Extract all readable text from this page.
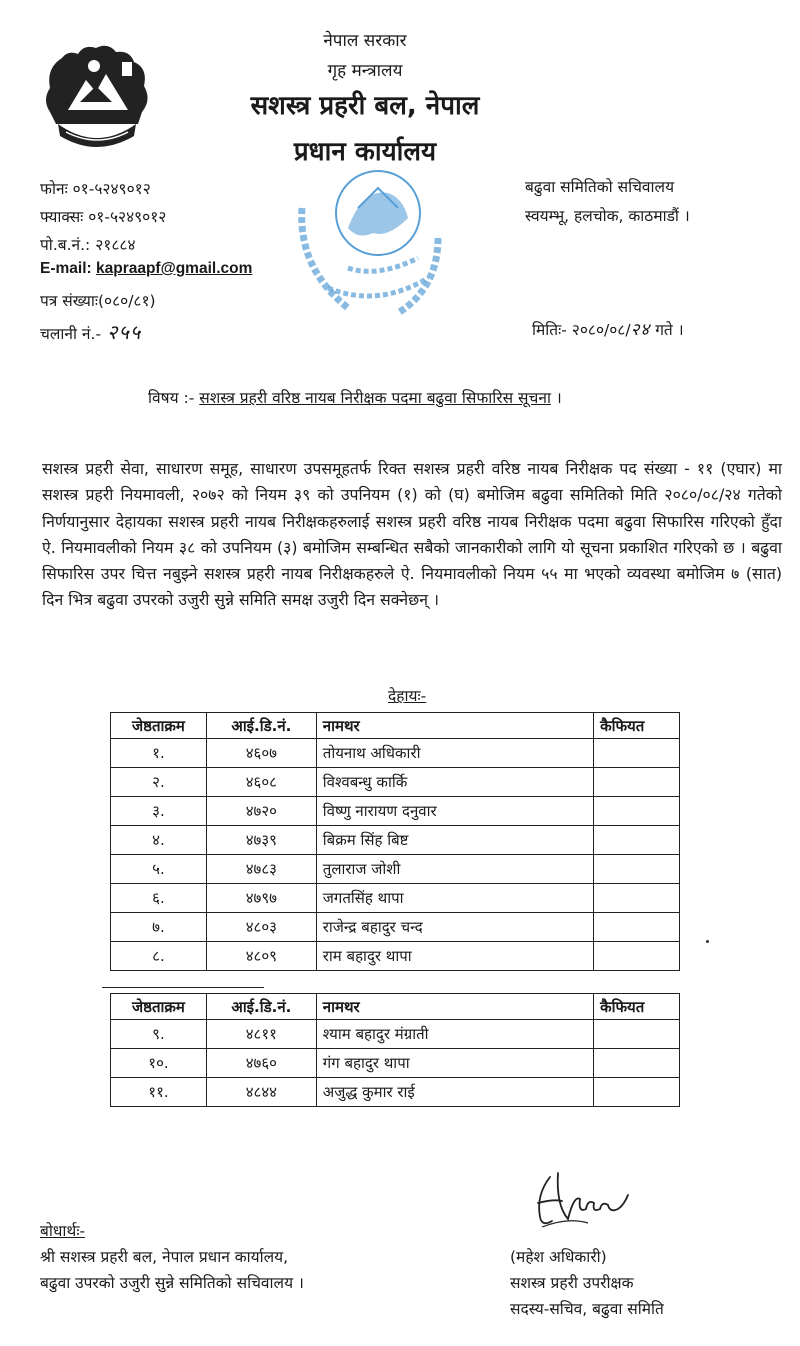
नेपाल सरकार
गृह मन्त्रालय
सशस्त्र प्रहरी बल, नेपाल
प्रधान कार्यालय
फोनः ०१-५२४९०१२
फ्याक्सः ०१-५२४९०१२
पो.ब.नं.: २१८८४
E-mail: kapraapf@gmail.com
पत्र संख्याः(०८०/८१)
चलानी नं.- २५५
बढुवा समितिको सचिवालय
स्वयम्भू, हलचोक, काठमाडौं ।
मितिः- २०८०/०८/२४ गते ।
विषय :- सशस्त्र प्रहरी वरिष्ठ नायब निरीक्षक पदमा बढुवा सिफारिस सूचना ।
सशस्त्र प्रहरी सेवा, साधारण समूह, साधारण उपसमूहतर्फ रिक्त सशस्त्र प्रहरी वरिष्ठ नायब निरीक्षक पद संख्या - ११ (एघार) मा सशस्त्र प्रहरी नियमावली, २०७२ को नियम ३९ को उपनियम (१) को (घ) बमोजिम बढुवा समितिको मिति २०८०/०८/२४ गतेको निर्णयानुसार देहायका सशस्त्र प्रहरी नायब निरीक्षकहरुलाई सशस्त्र प्रहरी वरिष्ठ नायब निरीक्षक पदमा बढुवा सिफारिस गरिएको हुँदा ऐ. नियमावलीको नियम ३८ को उपनियम (३) बमोजिम सम्बन्धित सबैको जानकारीको लागि यो सूचना प्रकाशित गरिएको छ । बढुवा सिफारिस उपर चित्त नबुझ्ने सशस्त्र प्रहरी नायब निरीक्षकहरुले ऐ. नियमावलीको नियम ५५ मा भएको व्यवस्था बमोजिम ७ (सात) दिन भित्र बढुवा उपरको उजुरी सुन्ने समिति समक्ष उजुरी दिन सक्नेछन् ।
देहायः-
जेष्ठताक्रम	आई.डि.नं.	नामथर	कैफियत
१.	४६०७	तोयनाथ अधिकारी	
२.	४६०८	विश्वबन्धु कार्कि	
३.	४७२०	विष्णु नारायण दनुवार	
४.	४७३९	बिक्रम सिंह बिष्ट	
५.	४७८३	तुलाराज जोशी	
६.	४७९७	जगतसिंह थापा	
७.	४८०३	राजेन्द्र बहादुर चन्द	
८.	४८०९	राम बहादुर थापा	
जेष्ठताक्रम	आई.डि.नं.	नामथर	कैफियत
९.	४८११	श्याम बहादुर मंग्राती	
१०.	४७६०	गंग बहादुर थापा	
११.	४८४४	अजुद्ध कुमार राई	
बोधार्थः-
श्री सशस्त्र प्रहरी बल, नेपाल प्रधान कार्यालय,
बढुवा उपरको उजुरी सुन्ने समितिको सचिवालय ।
(महेश अधिकारी)
सशस्त्र प्रहरी उपरीक्षक
सदस्य-सचिव, बढुवा समिति
